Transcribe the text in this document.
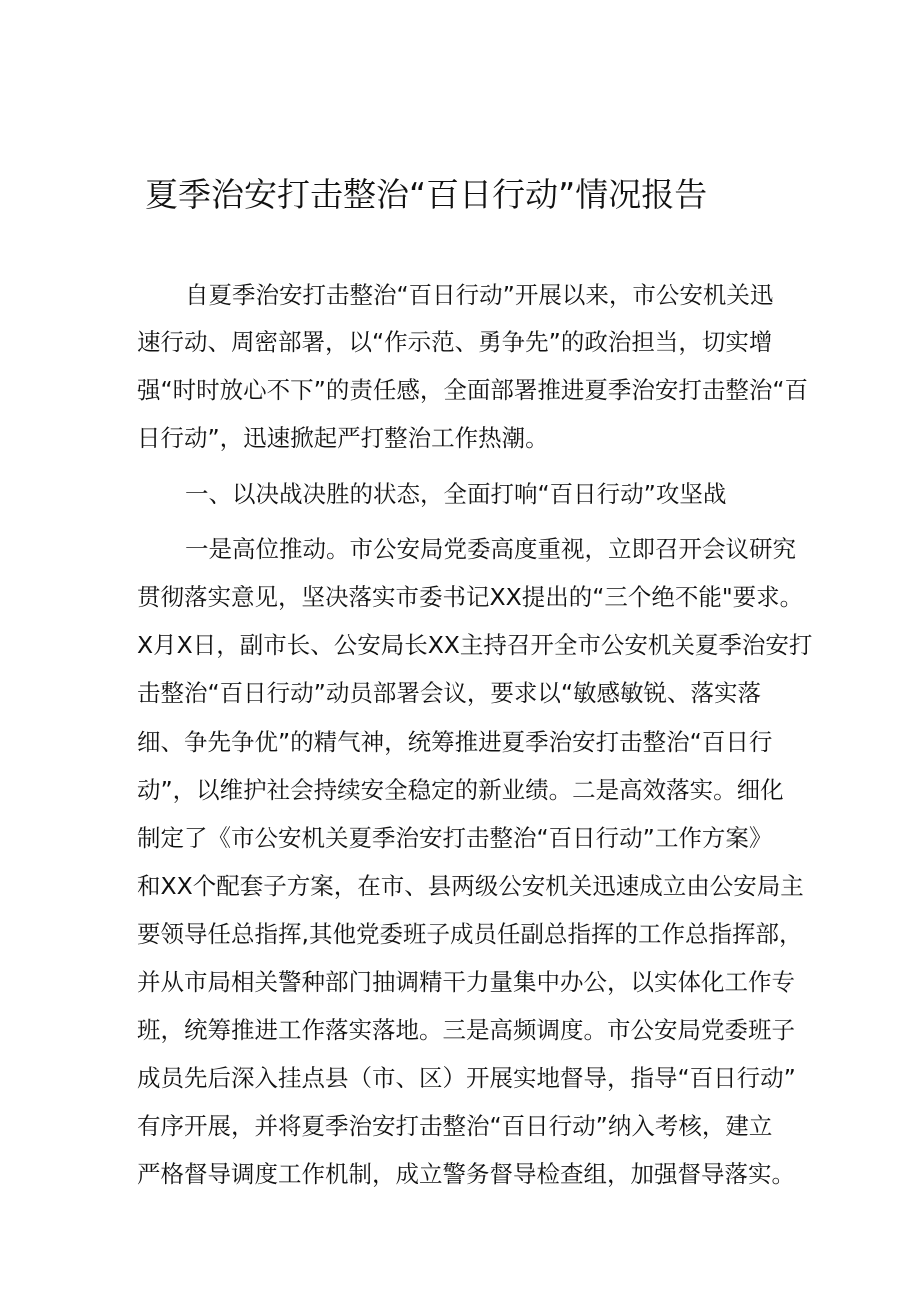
夏季治安打击整治“百日行动”情况报告
自夏季治安打击整治“百日行动”开展以来，市公安机关迅
速行动、周密部署，以“作示范、勇争先”的政治担当，切实增
强“时时放心不下”的责任感，全面部署推进夏季治安打击整治“百
日行动”，迅速掀起严打整治工作热潮。
一、以决战决胜的状态，全面打响“百日行动”攻坚战
一是高位推动。市公安局党委高度重视，立即召开会议研究
贯彻落实意见，坚决落实市委书记XX提出的“三个绝不能"要求。
X月X日，副市长、公安局长XX主持召开全市公安机关夏季治安打
击整治“百日行动”动员部署会议，要求以“敏感敏锐、落实落
细、争先争优”的精气神，统筹推进夏季治安打击整治“百日行
动”，以维护社会持续安全稳定的新业绩。二是高效落实。细化
制定了《市公安机关夏季治安打击整治“百日行动”工作方案》
和XX个配套子方案，在市、县两级公安机关迅速成立由公安局主
要领导任总指挥,其他党委班子成员任副总指挥的工作总指挥部，
并从市局相关警种部门抽调精干力量集中办公，以实体化工作专
班，统筹推进工作落实落地。三是高频调度。市公安局党委班子
成员先后深入挂点县（市、区）开展实地督导，指导“百日行动”
有序开展，并将夏季治安打击整治“百日行动”纳入考核，建立
严格督导调度工作机制，成立警务督导检查组，加强督导落实。
